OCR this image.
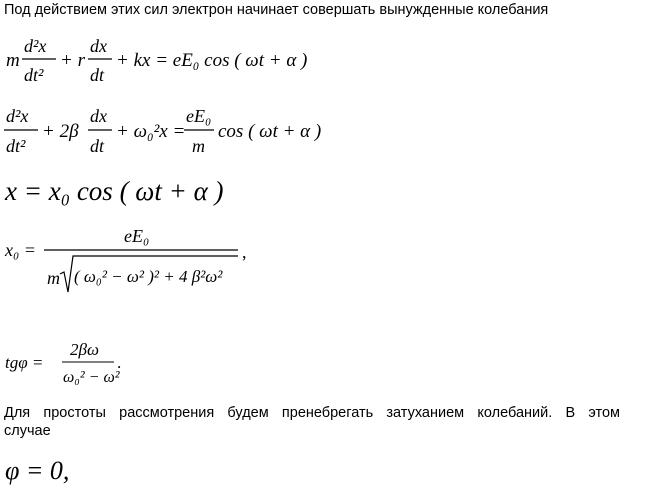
Под действием этих сил электрон начинает совершать вынужденные колебания
m
d²x
dt²
+ r
dx
dt
+ kx = eE₀ cos ( ωt + α )
d²x
dt²
+ 2β
dx
dt
+ ω₀²x =
eE₀
m
cos ( ωt + α )
x = x₀ cos ( ωt + α )
x₀ =
eE₀
m ( ω₀² − ω² )² + 4 β²ω²
,
tgφ =
2βω
ω₀² − ω²
.
Для простоты рассмотрения будем пренебрегать затуханием колебаний. В этом
случае
φ = 0,
